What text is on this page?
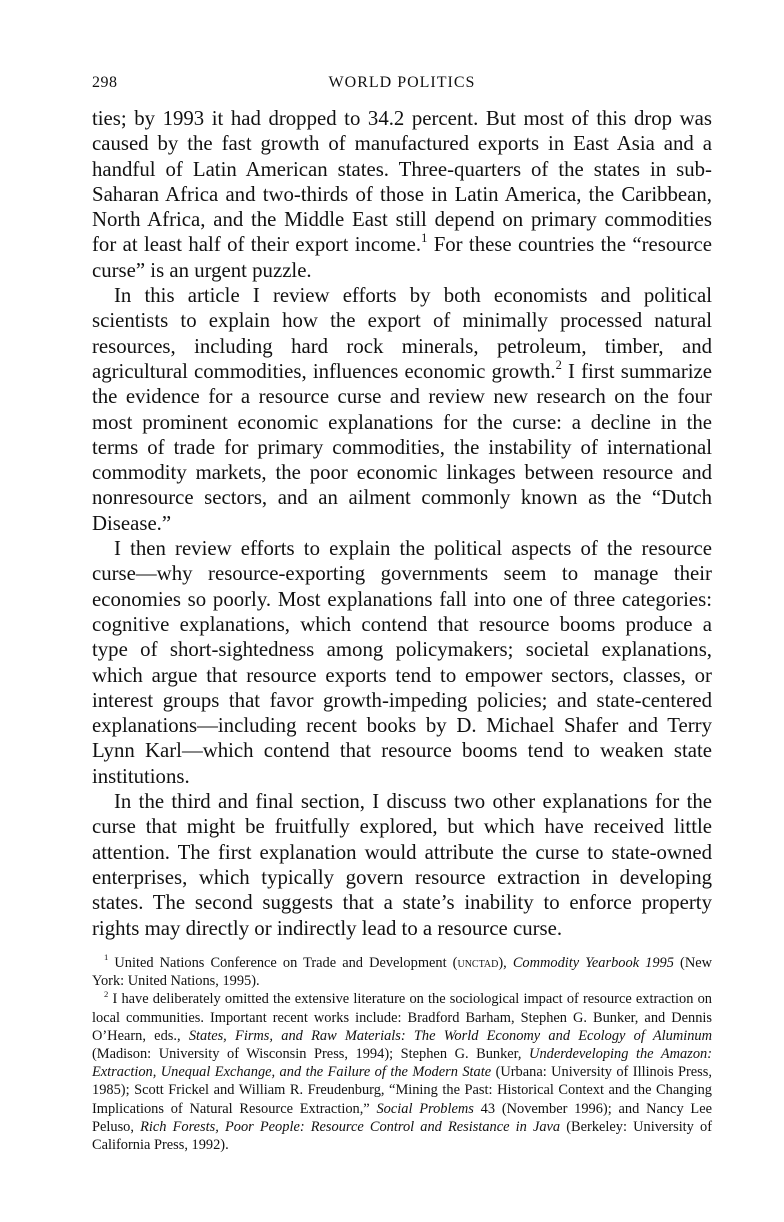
298	WORLD POLITICS

ties; by 1993 it had dropped to 34.2 percent. But most of this drop was caused by the fast growth of manufactured exports in East Asia and a handful of Latin American states. Three-quarters of the states in sub-Saharan Africa and two-thirds of those in Latin America, the Caribbean, North Africa, and the Middle East still depend on primary commodities for at least half of their export income.$^1$ For these countries the “resource curse” is an urgent puzzle.

In this article I review efforts by both economists and political scientists to explain how the export of minimally processed natural resources, including hard rock minerals, petroleum, timber, and agricultural commodities, influences economic growth.$^2$ I first summarize the evidence for a resource curse and review new research on the four most prominent economic explanations for the curse: a decline in the terms of trade for primary commodities, the instability of international commodity markets, the poor economic linkages between resource and nonresource sectors, and an ailment commonly known as the “Dutch Disease.”

I then review efforts to explain the political aspects of the resource curse—why resource-exporting governments seem to manage their economies so poorly. Most explanations fall into one of three categories: cognitive explanations, which contend that resource booms produce a type of short-sightedness among policymakers; societal explanations, which argue that resource exports tend to empower sectors, classes, or interest groups that favor growth-impeding policies; and state-centered explanations—including recent books by D. Michael Shafer and Terry Lynn Karl—which contend that resource booms tend to weaken state institutions.

In the third and final section, I discuss two other explanations for the curse that might be fruitfully explored, but which have received little attention. The first explanation would attribute the curse to state-owned enterprises, which typically govern resource extraction in developing states. The second suggests that a state’s inability to enforce property rights may directly or indirectly lead to a resource curse.

$^1$ United Nations Conference on Trade and Development (unctad), Commodity Yearbook 1995 (New York: United Nations, 1995).

$^2$ I have deliberately omitted the extensive literature on the sociological impact of resource extraction on local communities. Important recent works include: Bradford Barham, Stephen G. Bunker, and Dennis O’Hearn, eds., States, Firms, and Raw Materials: The World Economy and Ecology of Aluminum (Madison: University of Wisconsin Press, 1994); Stephen G. Bunker, Underdeveloping the Amazon: Extraction, Unequal Exchange, and the Failure of the Modern State (Urbana: University of Illinois Press, 1985); Scott Frickel and William R. Freudenburg, “Mining the Past: Historical Context and the Changing Implications of Natural Resource Extraction,” Social Problems 43 (November 1996); and Nancy Lee Peluso, Rich Forests, Poor People: Resource Control and Resistance in Java (Berkeley: University of California Press, 1992).
